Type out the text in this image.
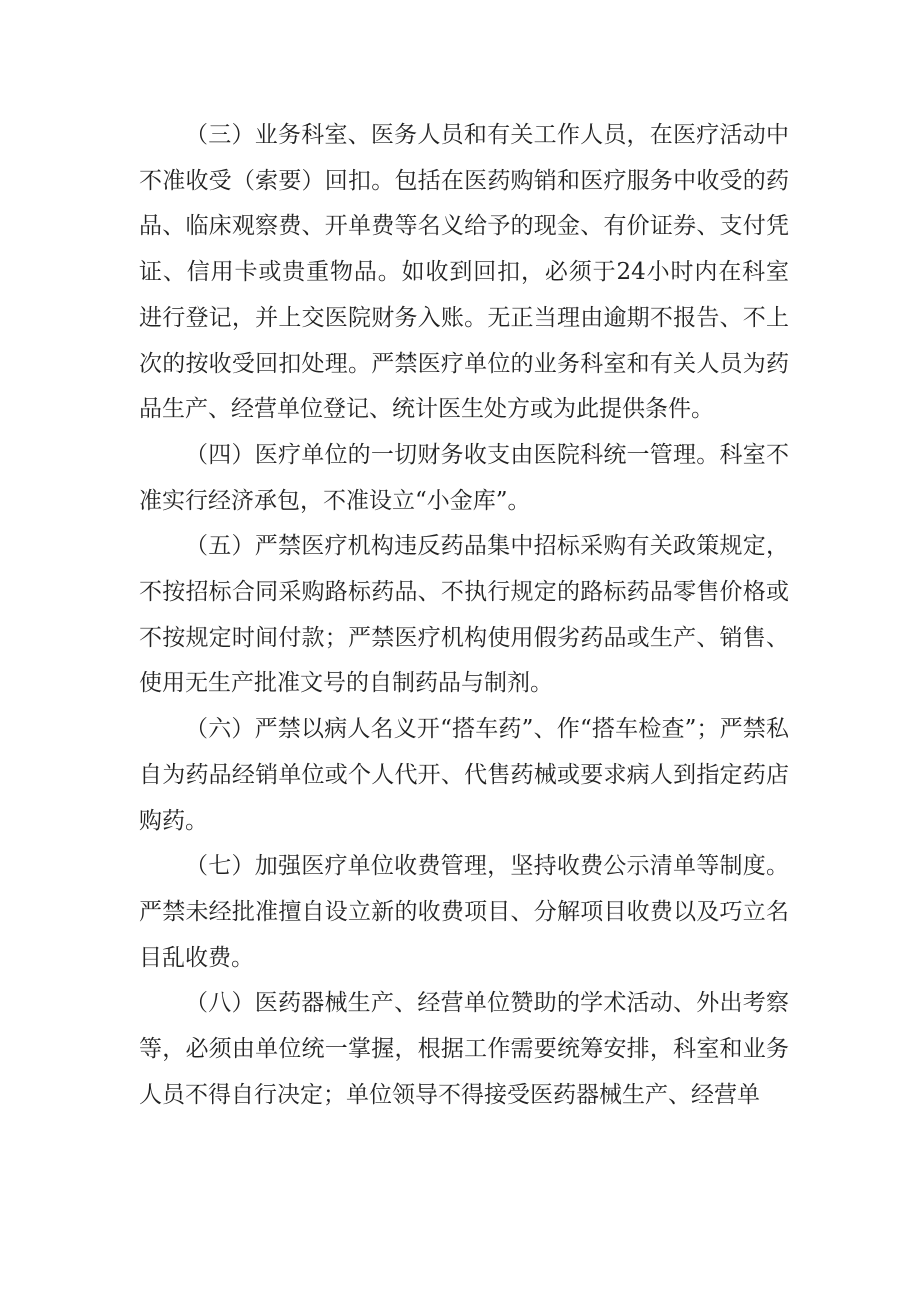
（三）业务科室、医务人员和有关工作人员，在医疗活动中不准收受（索要）回扣。包括在医药购销和医疗服务中收受的药品、临床观察费、开单费等名义给予的现金、有价证券、支付凭证、信用卡或贵重物品。如收到回扣，必须于24小时内在科室进行登记，并上交医院财务入账。无正当理由逾期不报告、不上次的按收受回扣处理。严禁医疗单位的业务科室和有关人员为药品生产、经营单位登记、统计医生处方或为此提供条件。

（四）医疗单位的一切财务收支由医院科统一管理。科室不准实行经济承包，不准设立“小金库”。

（五）严禁医疗机构违反药品集中招标采购有关政策规定，不按招标合同采购路标药品、不执行规定的路标药品零售价格或不按规定时间付款；严禁医疗机构使用假劣药品或生产、销售、使用无生产批准文号的自制药品与制剂。

（六）严禁以病人名义开“搭车药”、作“搭车检查”；严禁私自为药品经销单位或个人代开、代售药械或要求病人到指定药店购药。

（七）加强医疗单位收费管理，坚持收费公示清单等制度。严禁未经批准擅自设立新的收费项目、分解项目收费以及巧立名目乱收费。

（八）医药器械生产、经营单位赞助的学术活动、外出考察等，必须由单位统一掌握，根据工作需要统筹安排，科室和业务人员不得自行决定；单位领导不得接受医药器械生产、经营单
